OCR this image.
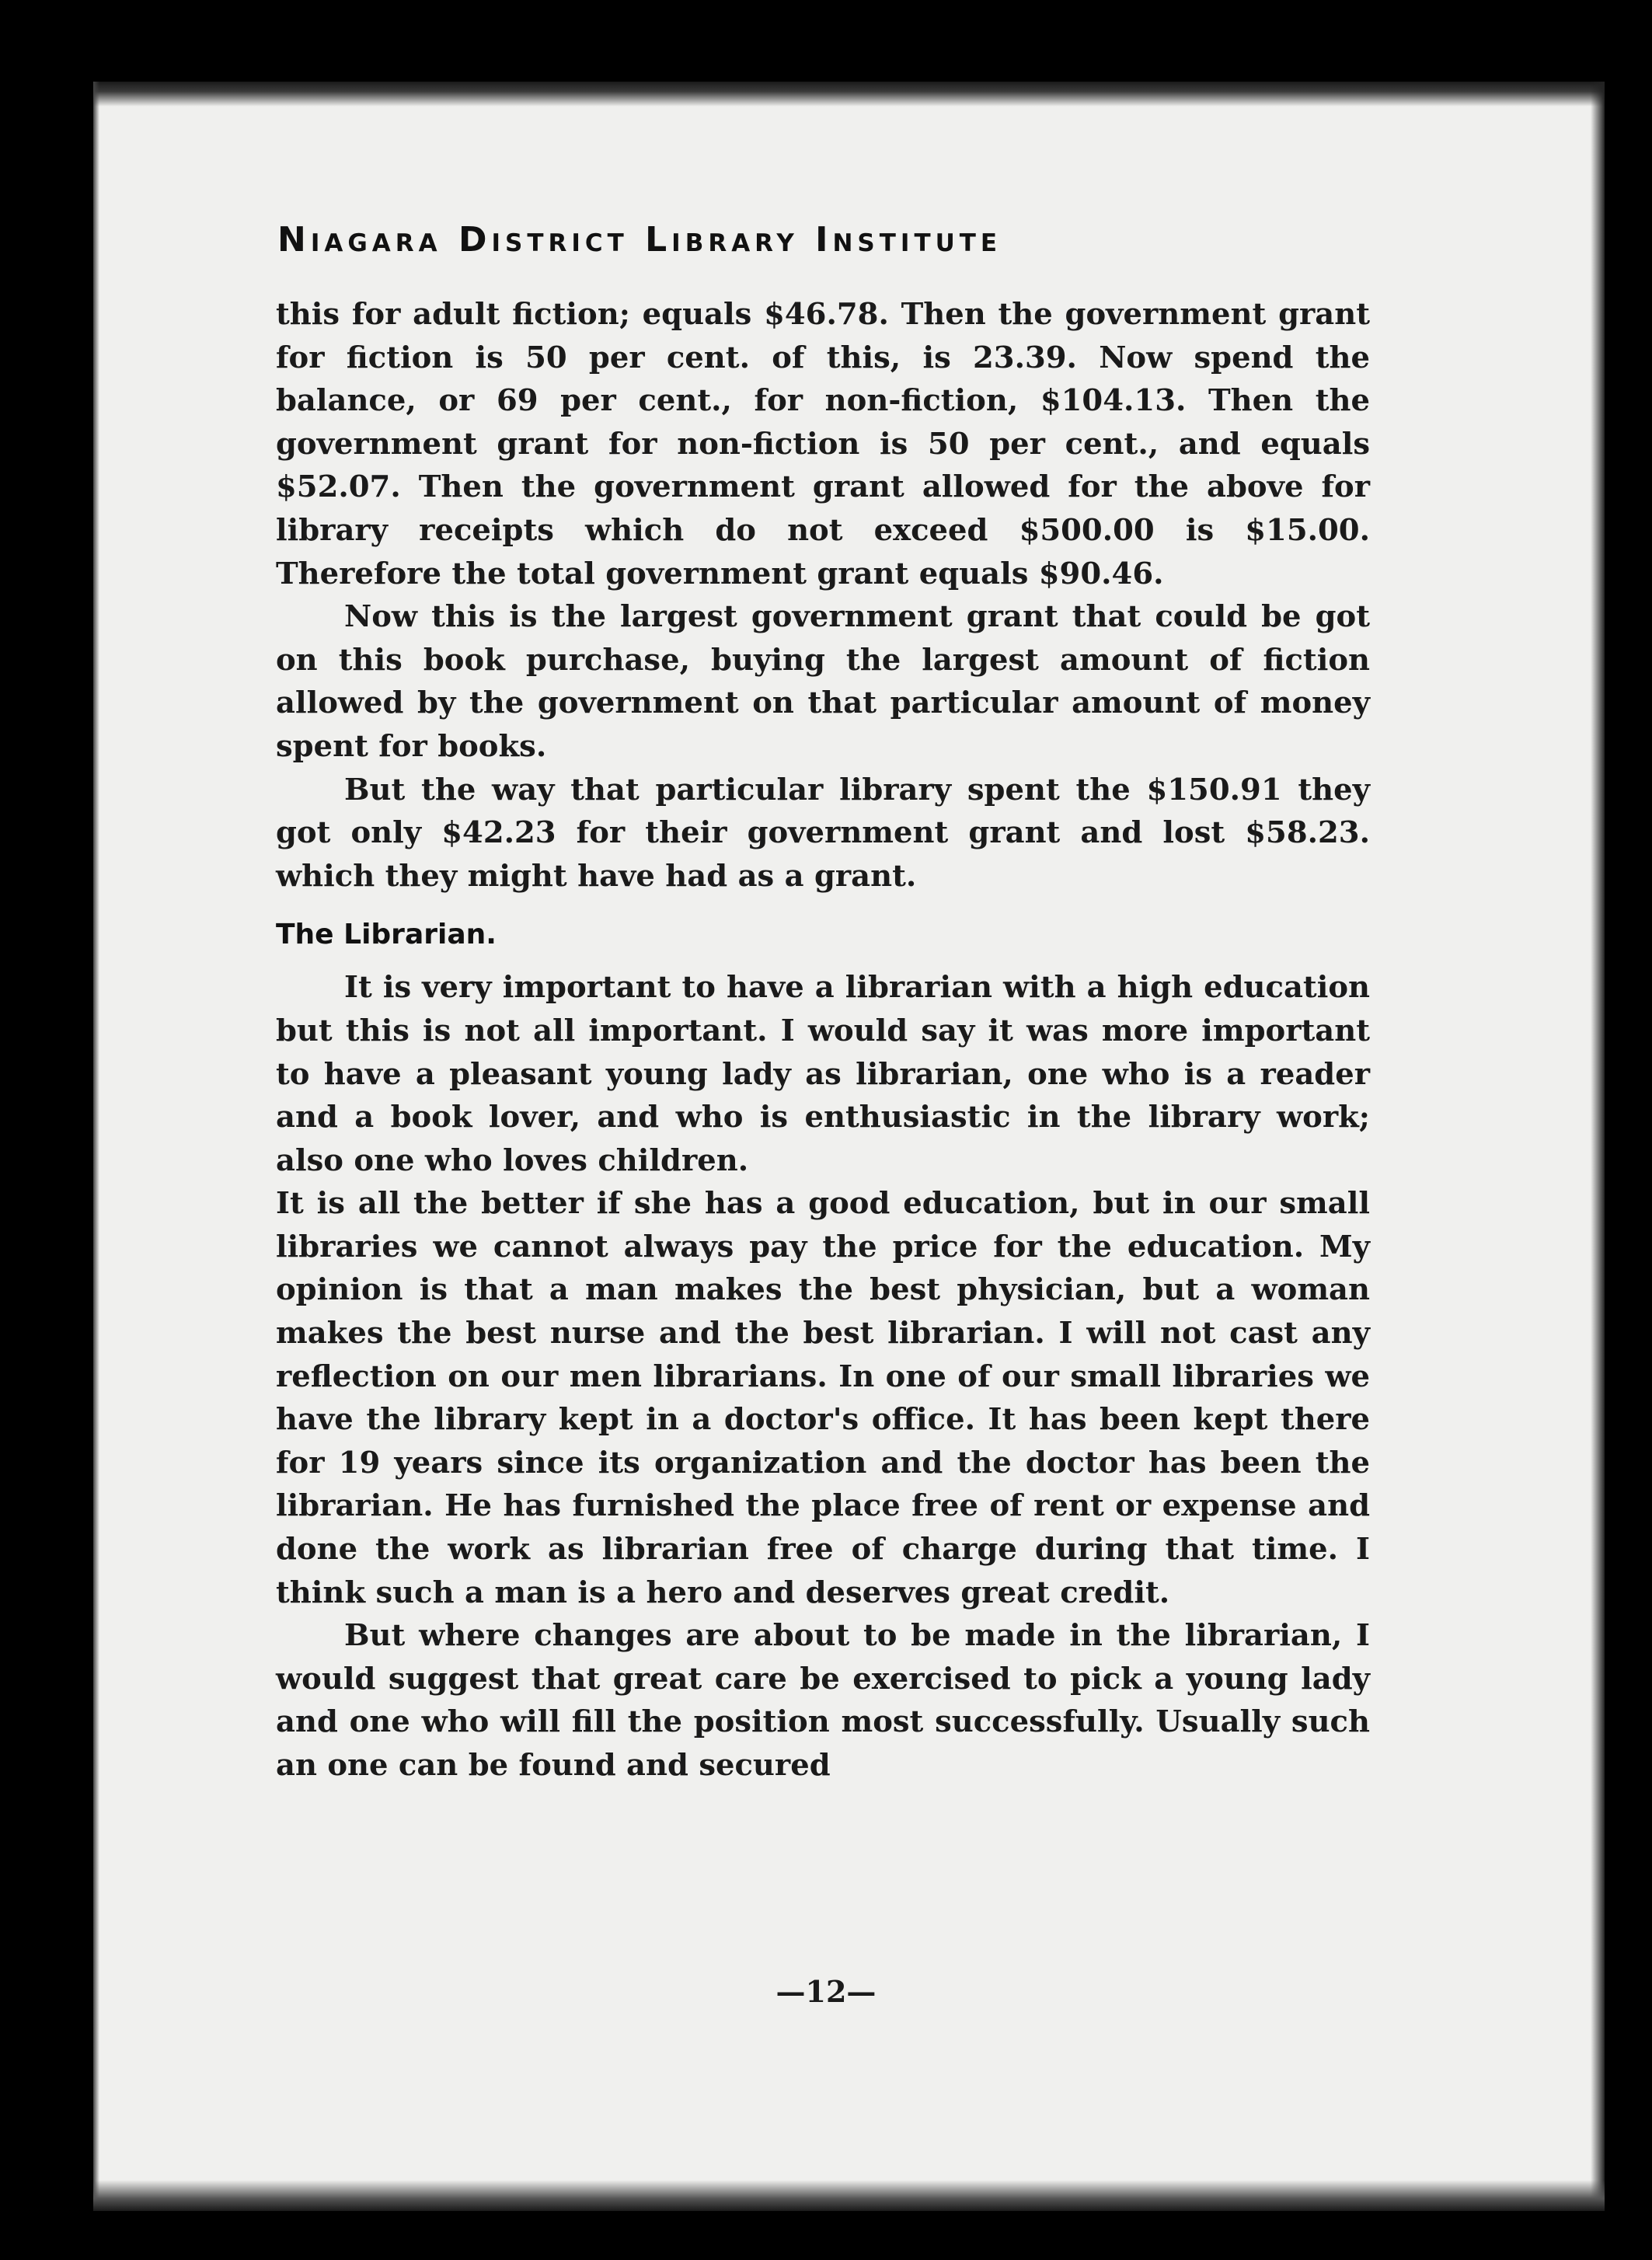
Niagara District Library Institute

this for adult fiction; equals $46.78. Then the government grant for fiction is 50 per cent. of this, is 23.39. Now spend the balance, or 69 per cent., for non-fiction, $104.13. Then the government grant for non-fiction is 50 per cent., and equals $52.07. Then the government grant allowed for the above for library receipts which do not exceed $500.00 is $15.00. Therefore the total government grant equals $90.46.

Now this is the largest government grant that could be got on this book purchase, buying the largest amount of fiction allowed by the government on that particular amount of money spent for books.

But the way that particular library spent the $150.91 they got only $42.23 for their government grant and lost $58.23. which they might have had as a grant.

The Librarian.

It is very important to have a librarian with a high education but this is not all important. I would say it was more important to have a pleasant young lady as librarian, one who is a reader and a book lover, and who is enthusiastic in the library work; also one who loves children.

It is all the better if she has a good education, but in our small libraries we cannot always pay the price for the education. My opinion is that a man makes the best physician, but a woman makes the best nurse and the best librarian. I will not cast any reflection on our men librarians. In one of our small libraries we have the library kept in a doctor's office. It has been kept there for 19 years since its organization and the doctor has been the librarian. He has furnished the place free of rent or expense and done the work as librarian free of charge during that time. I think such a man is a hero and deserves great credit.

But where changes are about to be made in the librarian, I would suggest that great care be exercised to pick a young lady and one who will fill the position most successfully. Usually such an one can be found and secured

—12—
